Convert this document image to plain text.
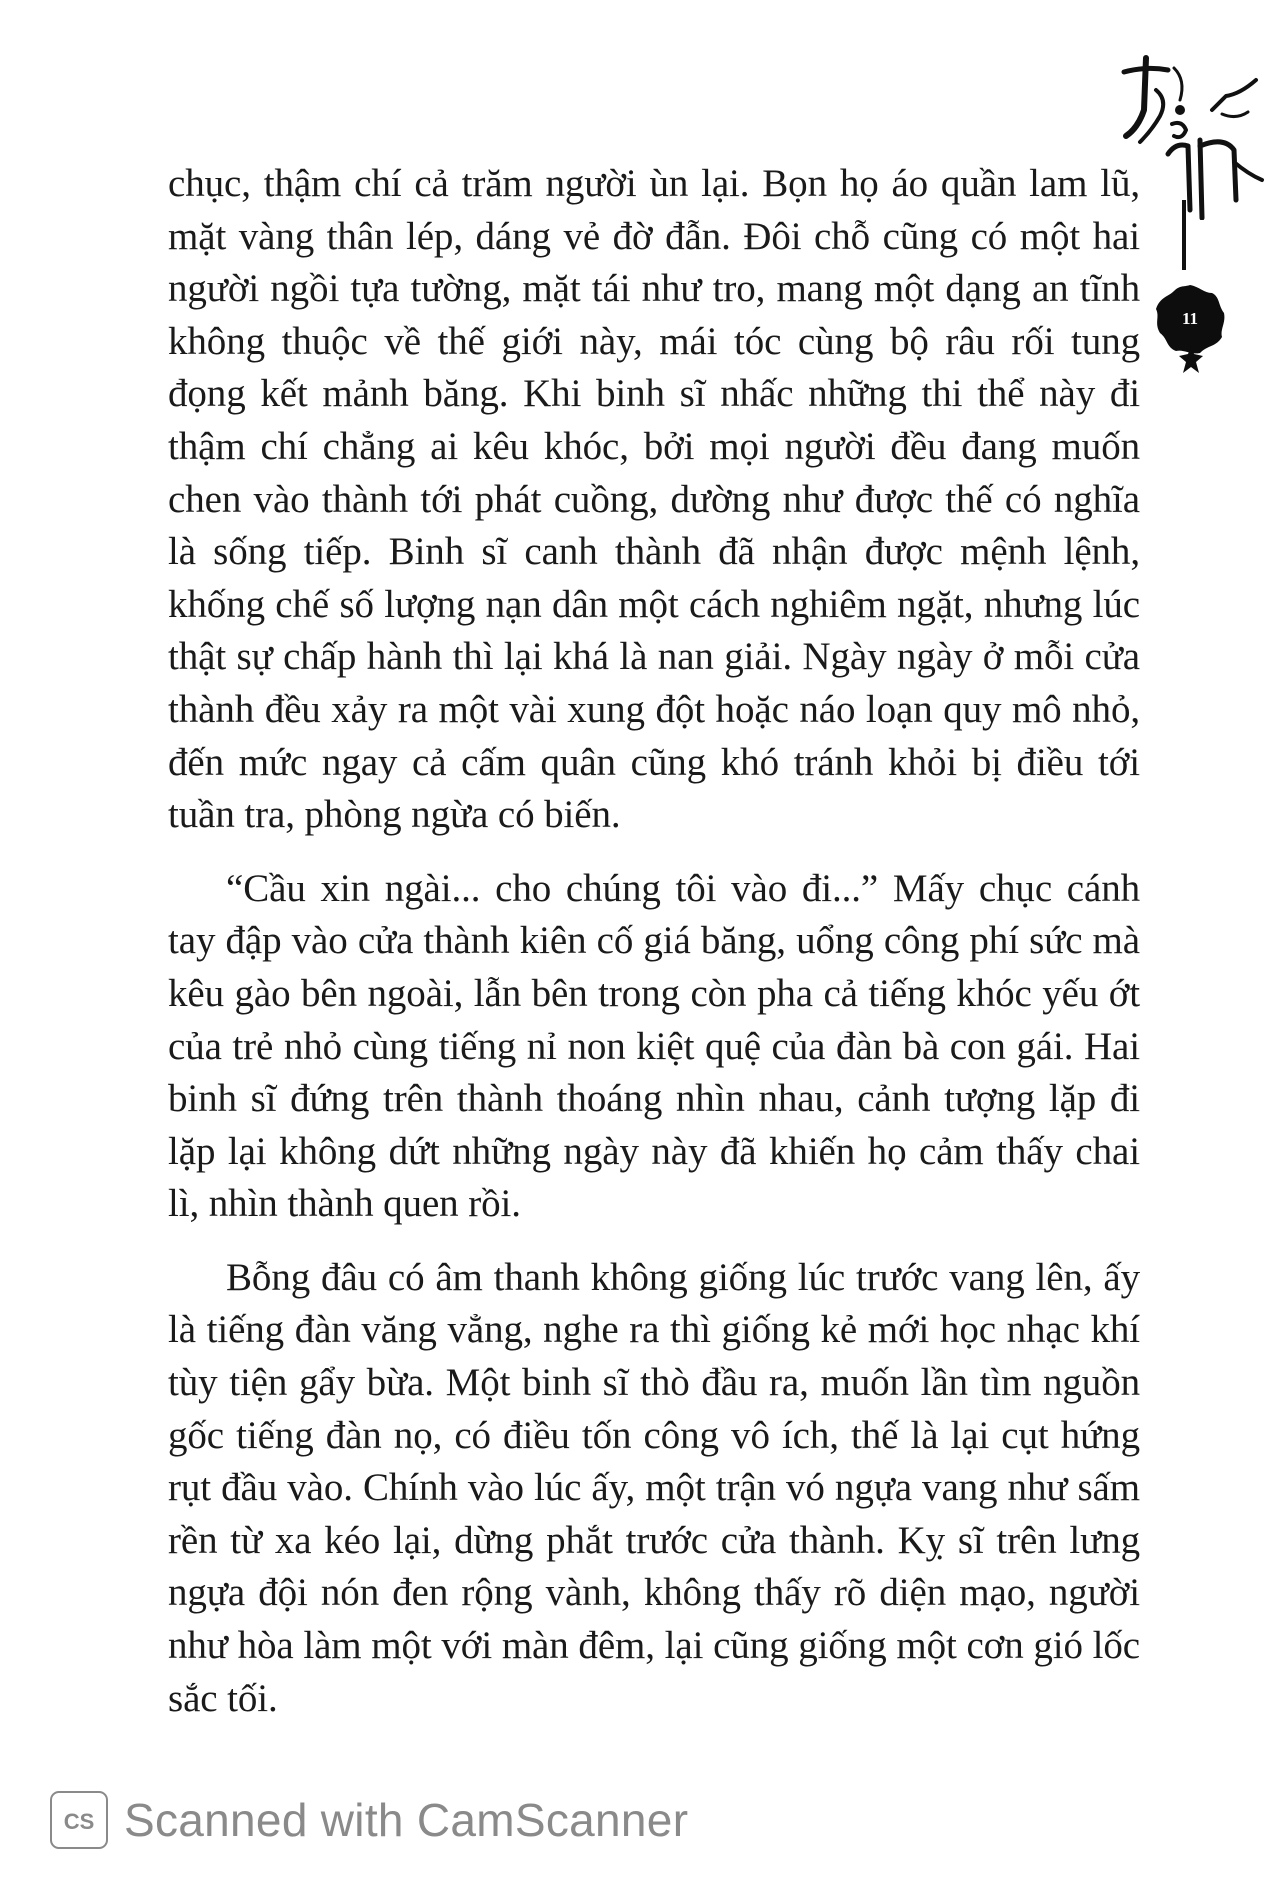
chục, thậm chí cả trăm người ùn lại. Bọn họ áo quần lam lũ, mặt vàng thân lép, dáng vẻ đờ đẫn. Đôi chỗ cũng có một hai người ngồi tựa tường, mặt tái như tro, mang một dạng an tĩnh không thuộc về thế giới này, mái tóc cùng bộ râu rối tung đọng kết mảnh băng. Khi binh sĩ nhấc những thi thể này đi thậm chí chẳng ai kêu khóc, bởi mọi người đều đang muốn chen vào thành tới phát cuồng, dường như được thế có nghĩa là sống tiếp. Binh sĩ canh thành đã nhận được mệnh lệnh, khống chế số lượng nạn dân một cách nghiêm ngặt, nhưng lúc thật sự chấp hành thì lại khá là nan giải. Ngày ngày ở mỗi cửa thành đều xảy ra một vài xung đột hoặc náo loạn quy mô nhỏ, đến mức ngay cả cấm quân cũng khó tránh khỏi bị điều tới tuần tra, phòng ngừa có biến.

“Cầu xin ngài... cho chúng tôi vào đi...” Mấy chục cánh tay đập vào cửa thành kiên cố giá băng, uổng công phí sức mà kêu gào bên ngoài, lẫn bên trong còn pha cả tiếng khóc yếu ớt của trẻ nhỏ cùng tiếng nỉ non kiệt quệ của đàn bà con gái. Hai binh sĩ đứng trên thành thoáng nhìn nhau, cảnh tượng lặp đi lặp lại không dứt những ngày này đã khiến họ cảm thấy chai lì, nhìn thành quen rồi.

Bỗng đâu có âm thanh không giống lúc trước vang lên, ấy là tiếng đàn văng vẳng, nghe ra thì giống kẻ mới học nhạc khí tùy tiện gẩy bừa. Một binh sĩ thò đầu ra, muốn lần tìm nguồn gốc tiếng đàn nọ, có điều tốn công vô ích, thế là lại cụt hứng rụt đầu vào. Chính vào lúc ấy, một trận vó ngựa vang như sấm rền từ xa kéo lại, dừng phắt trước cửa thành. Kỵ sĩ trên lưng ngựa đội nón đen rộng vành, không thấy rõ diện mạo, người như hòa làm một với màn đêm, lại cũng giống một cơn gió lốc sắc tối.

11
CS Scanned with CamScanner
